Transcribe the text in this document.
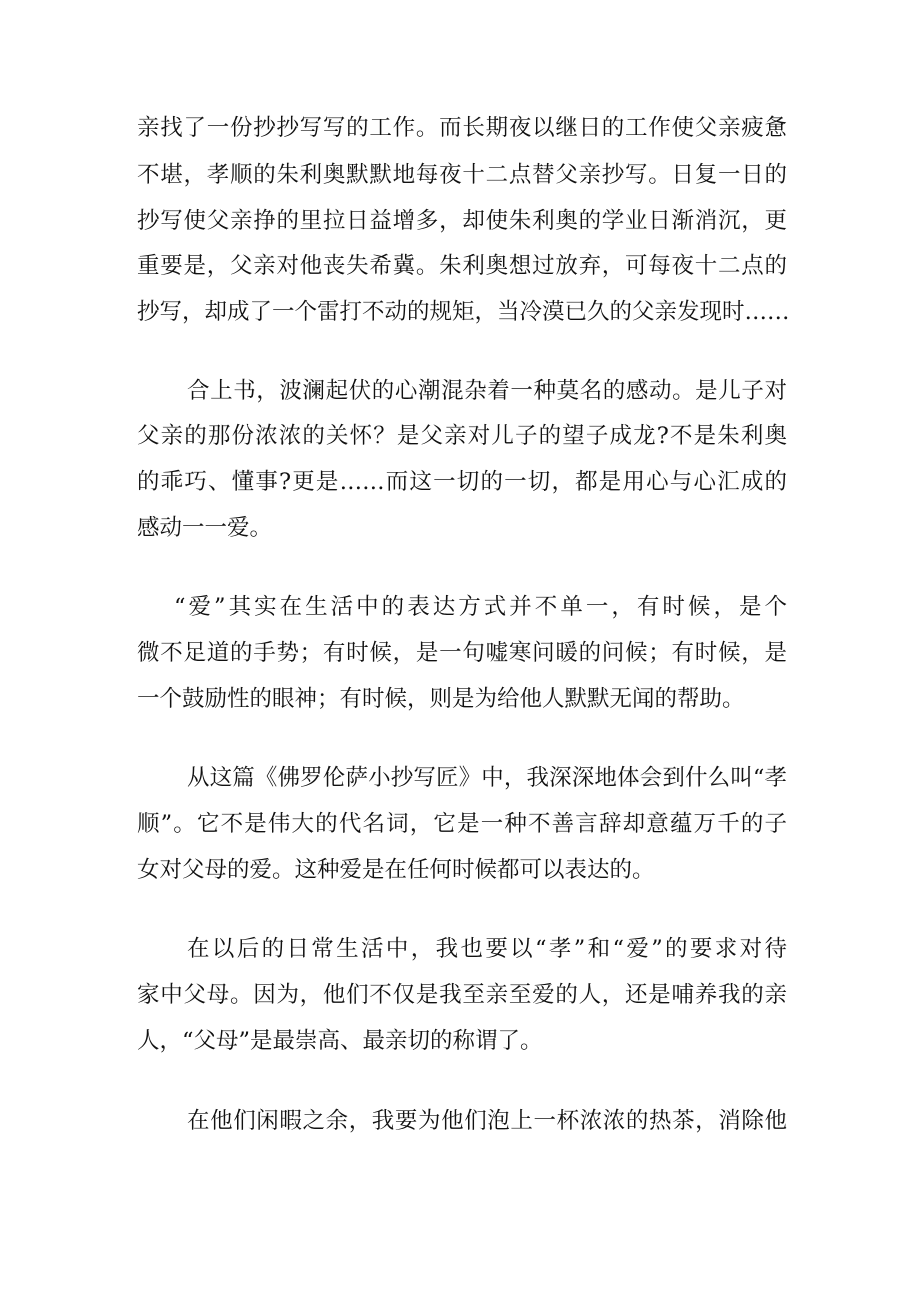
亲找了一份抄抄写写的工作。而长期夜以继日的工作使父亲疲惫
不堪，孝顺的朱利奥默默地每夜十二点替父亲抄写。日复一日的
抄写使父亲挣的里拉日益增多，却使朱利奥的学业日渐消沉，更
重要是，父亲对他丧失希冀。朱利奥想过放弃，可每夜十二点的
抄写，却成了一个雷打不动的规矩，当冷漠已久的父亲发现时……
合上书，波澜起伏的心潮混杂着一种莫名的感动。是儿子对
父亲的那份浓浓的关怀？是父亲对儿子的望子成龙?不是朱利奥
的乖巧、懂事?更是……而这一切的一切，都是用心与心汇成的
感动一一爱。
“爱”其实在生活中的表达方式并不单一，有时候，是个
微不足道的手势；有时候，是一句嘘寒问暖的问候；有时候，是
一个鼓励性的眼神；有时候，则是为给他人默默无闻的帮助。
从这篇《佛罗伦萨小抄写匠》中，我深深地体会到什么叫“孝
顺”。它不是伟大的代名词，它是一种不善言辞却意蕴万千的子
女对父母的爱。这种爱是在任何时候都可以表达的。
在以后的日常生活中，我也要以“孝”和“爱”的要求对待
家中父母。因为，他们不仅是我至亲至爱的人，还是哺养我的亲
人，“父母”是最崇高、最亲切的称谓了。
在他们闲暇之余，我要为他们泡上一杯浓浓的热茶，消除他
